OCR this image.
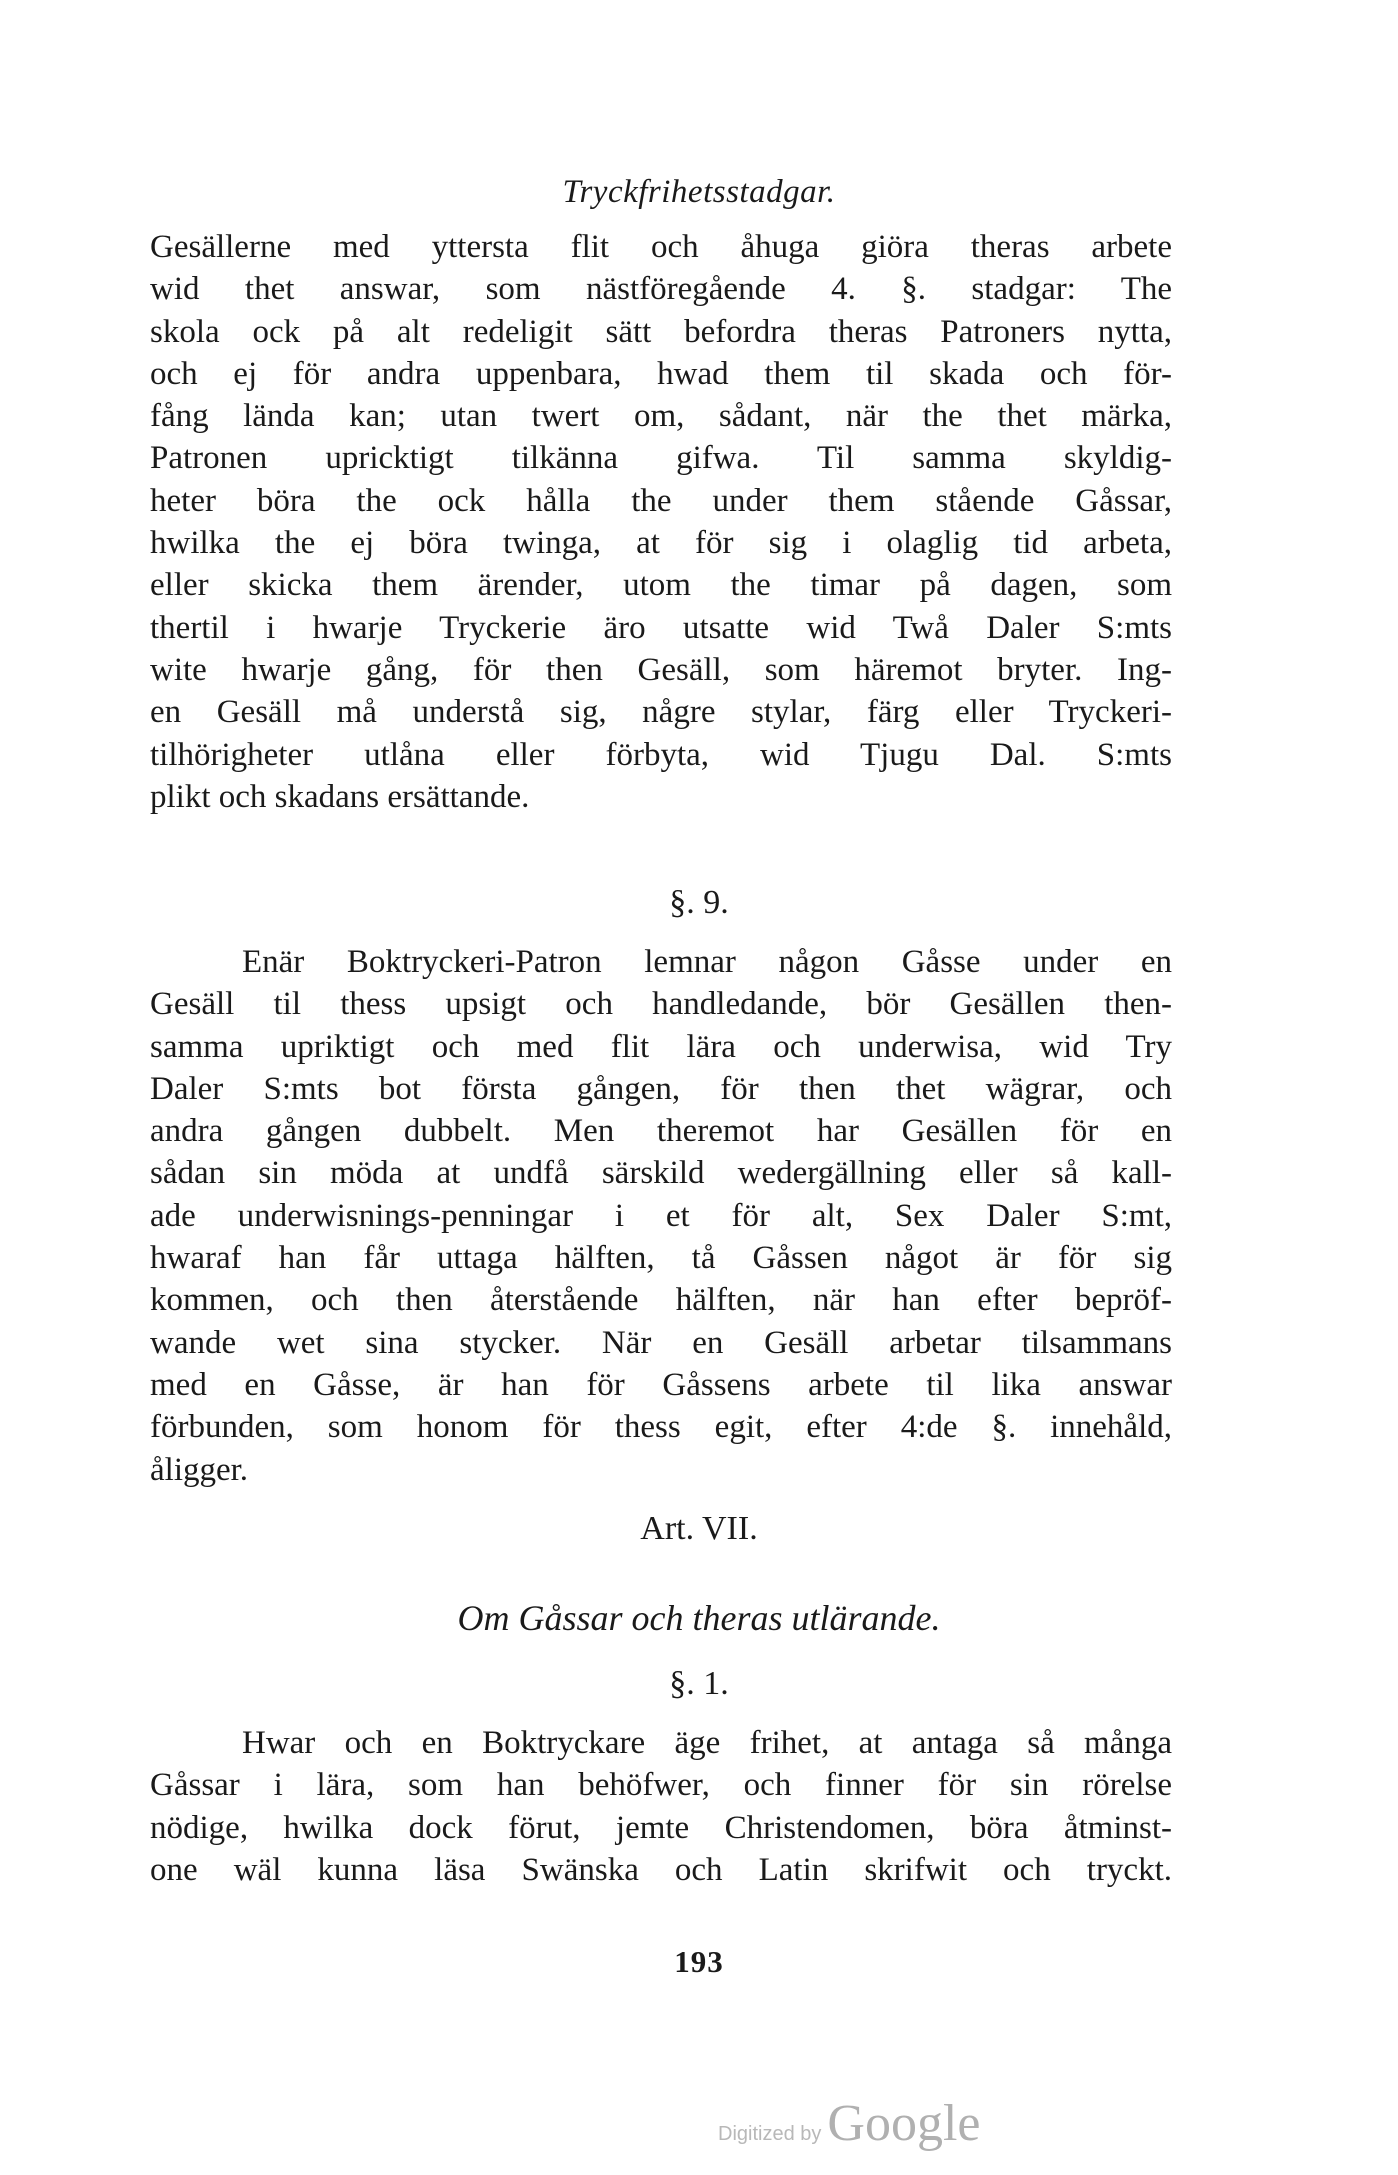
Tryckfrihetsstadgar.
Gesällerne med yttersta flit och åhuga giöra theras arbete
wid thet answar, som nästföregående 4. §. stadgar: The
skola ock på alt redeligit sätt befordra theras Patroners nytta,
och ej för andra uppenbara, hwad them til skada och för-
fång lända kan; utan twert om, sådant, när the thet märka,
Patronen upricktigt tilkänna gifwa. Til samma skyldig-
heter böra the ock hålla the under them stående Gåssar,
hwilka the ej böra twinga, at för sig i olaglig tid arbeta,
eller skicka them ärender, utom the timar på dagen, som
thertil i hwarje Tryckerie äro utsatte wid Twå Daler S:mts
wite hwarje gång, för then Gesäll, som häremot bryter. Ing-
en Gesäll må understå sig, någre stylar, färg eller Tryckeri-
tilhörigheter utlåna eller förbyta, wid Tjugu Dal. S:mts
plikt och skadans ersättande.
§. 9.
Enär Boktryckeri-Patron lemnar någon Gåsse under en
Gesäll til thess upsigt och handledande, bör Gesällen then-
samma upriktigt och med flit lära och underwisa, wid Try
Daler S:mts bot första gången, för then thet wägrar, och
andra gången dubbelt. Men theremot har Gesällen för en
sådan sin möda at undfå särskild wedergällning eller så kall-
ade underwisnings-penningar i et för alt, Sex Daler S:mt,
hwaraf han får uttaga hälften, tå Gåssen något är för sig
kommen, och then återstående hälften, när han efter bepröf-
wande wet sina stycker. När en Gesäll arbetar tilsammans
med en Gåsse, är han för Gåssens arbete til lika answar
förbunden, som honom för thess egit, efter 4:de §. innehåld,
åligger.
Art. VII.
Om Gåssar och theras utlärande.
§. 1.
Hwar och en Boktryckare äge frihet, at antaga så många
Gåssar i lära, som han behöfwer, och finner för sin rörelse
nödige, hwilka dock förut, jemte Christendomen, böra åtminst-
one wäl kunna läsa Swänska och Latin skrifwit och tryckt.
193
Digitized by Google
